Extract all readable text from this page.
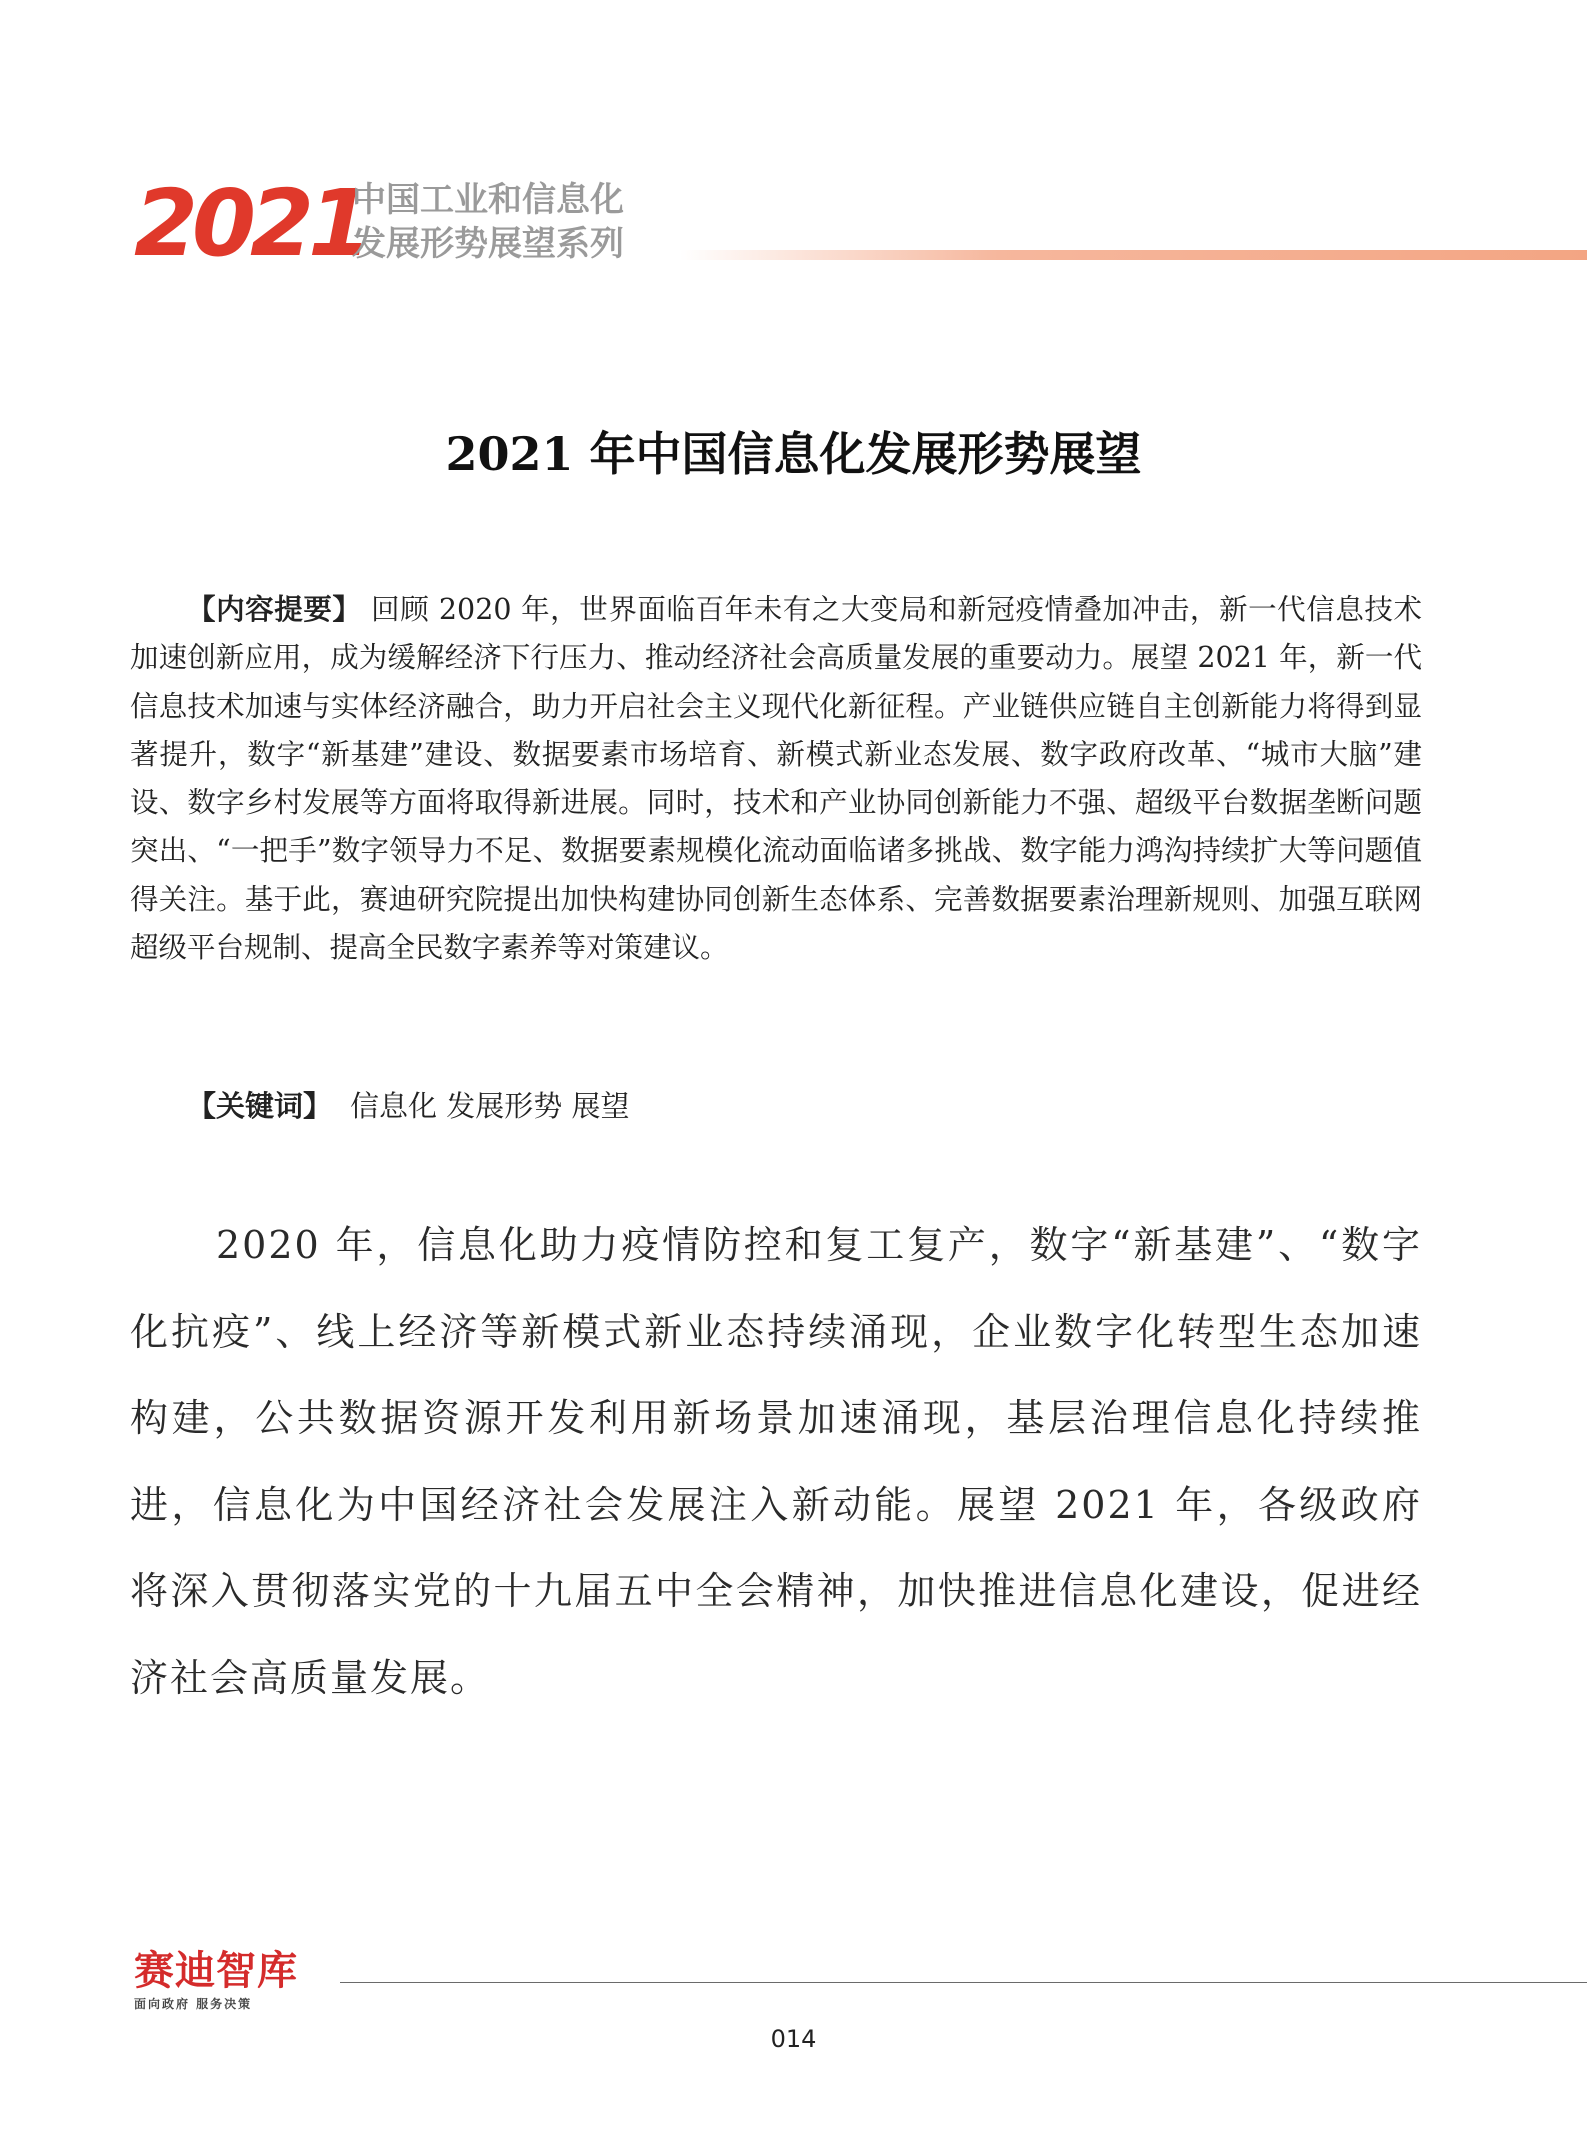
2021
中国工业和信息化
发展形势展望系列
2021 年中国信息化发展形势展望
【内容提要】 回顾 2020 年，世界面临百年未有之大变局和新冠疫情叠加冲击，新一代信息技术加速创新应用，成为缓解经济下行压力、推动经济社会高质量发展的重要动力。展望 2021 年，新一代信息技术加速与实体经济融合，助力开启社会主义现代化新征程。产业链供应链自主创新能力将得到显著提升，数字“新基建”建设、数据要素市场培育、新模式新业态发展、数字政府改革、“城市大脑”建设、数字乡村发展等方面将取得新进展。同时，技术和产业协同创新能力不强、超级平台数据垄断问题突出、“一把手”数字领导力不足、数据要素规模化流动面临诸多挑战、数字能力鸿沟持续扩大等问题值得关注。基于此，赛迪研究院提出加快构建协同创新生态体系、完善数据要素治理新规则、加强互联网超级平台规制、提高全民数字素养等对策建议。
【关键词】 信息化 发展形势 展望
2020 年，信息化助力疫情防控和复工复产，数字“新基建”、“数字化抗疫”、线上经济等新模式新业态持续涌现，企业数字化转型生态加速构建，公共数据资源开发利用新场景加速涌现，基层治理信息化持续推进，信息化为中国经济社会发展注入新动能。展望 2021 年，各级政府将深入贯彻落实党的十九届五中全会精神，加快推进信息化建设，促进经济社会高质量发展。
赛迪智库
面向政府 服务决策
014
